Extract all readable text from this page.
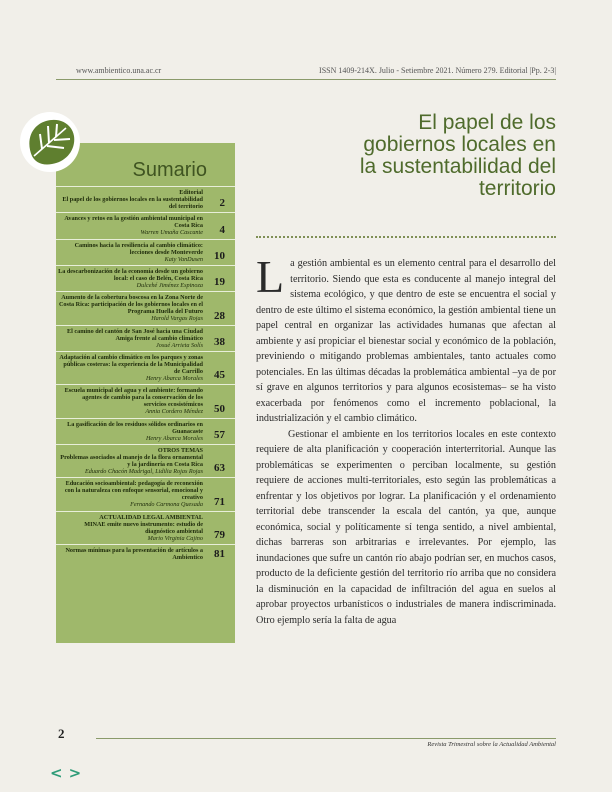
www.ambientico.una.ac.cr	ISSN 1409-214X. Julio - Setiembre 2021. Número 279. Editorial |Pp. 2-3|
Sumario
Editorial
El papel de los gobiernos locales en la sustentabilidad del territorio 2
Avances y retos en la gestión ambiental municipal en Costa Rica
Warren Umaña Cascante 4
Caminos hacia la resiliencia al cambio climático: lecciones desde Monteverde
Katy VanDusen 10
La descarbonización de la economía desde un gobierno local: el caso de Belén, Costa Rica
Dulcehé Jiménez Espinoza 19
Aumento de la cobertura boscosa en la Zona Norte de Costa Rica: participación de los gobiernos locales en el Programa Huella del Futuro
Harold Vargas Rojas 28
El camino del cantón de San José hacia una Ciudad Amiga frente al cambio climático
Josué Arrieta Solís 38
Adaptación al cambio climático en los parques y zonas públicas costeras: la experiencia de la Municipalidad de Carrillo
Henry Abarca Morales 45
Escuela municipal del agua y el ambiente: formando agentes de cambio para la conservación de los servicios ecosistémicos
Annia Cordero Méndez 50
La gasificación de los residuos sólidos ordinarios en Guanacaste
Henry Abarca Morales 57
OTROS TEMAS
Problemas asociados al manejo de la flora ornamental y la jardinería en Costa Rica
Eduardo Chacón Madrigal, Lidilia Rojas Rojas 63
Educación socioambiental: pedagogía de reconexión con la naturaleza con enfoque sensorial, emocional y creativo
Fernando Carmona Quesada 71
ACTUALIDAD LEGAL AMBIENTAL
MINAE emite nuevo instrumento: estudio de diagnóstico ambiental
Mario Virginia Cajino 79
Normas mínimas para la presentación de artículos a Ambientico 81
El papel de los
gobiernos locales en
la sustentabilidad del
territorio

La gestión ambiental es un elemento central para el desarrollo del territorio. Siendo que esta es conducente al manejo integral del sistema ecológico, y que dentro de este se encuentra el social y dentro de este último el sistema económico, la gestión ambiental tiene un papel central en organizar las actividades humanas que afectan al ambiente y así propiciar el bienestar social y económico de la población, previniendo o mitigando problemas ambientales, tanto actuales como potenciales. En las últimas décadas la problemática ambiental –ya de por sí grave en algunos territorios y para algunos ecosistemas– se ha visto exacerbada por fenómenos como el incremento poblacional, la industrialización y el cambio climático.

Gestionar el ambiente en los territorios locales en este contexto requiere de alta planificación y cooperación interterritorial. Aunque las problemáticas se experimenten o perciban localmente, su gestión requiere de acciones multi-territoriales, esto según las problemáticas a enfrentar y los objetivos por lograr. La planificación y el ordenamiento territorial debe transcender la escala del cantón, ya que, aunque económica, social y políticamente sí tenga sentido, a nivel ambiental, dichas barreras son arbitrarias e irrelevantes. Por ejemplo, las inundaciones que sufre un cantón río abajo podrían ser, en muchos casos, producto de la deficiente gestión del territorio río arriba que no considera la disminución en la capacidad de infiltración del agua en suelos al aprobar proyectos urbanísticos o industriales de manera indiscriminada. Otro ejemplo sería la falta de agua

2
Revista Trimestral sobre la Actualidad Ambiental
< >
